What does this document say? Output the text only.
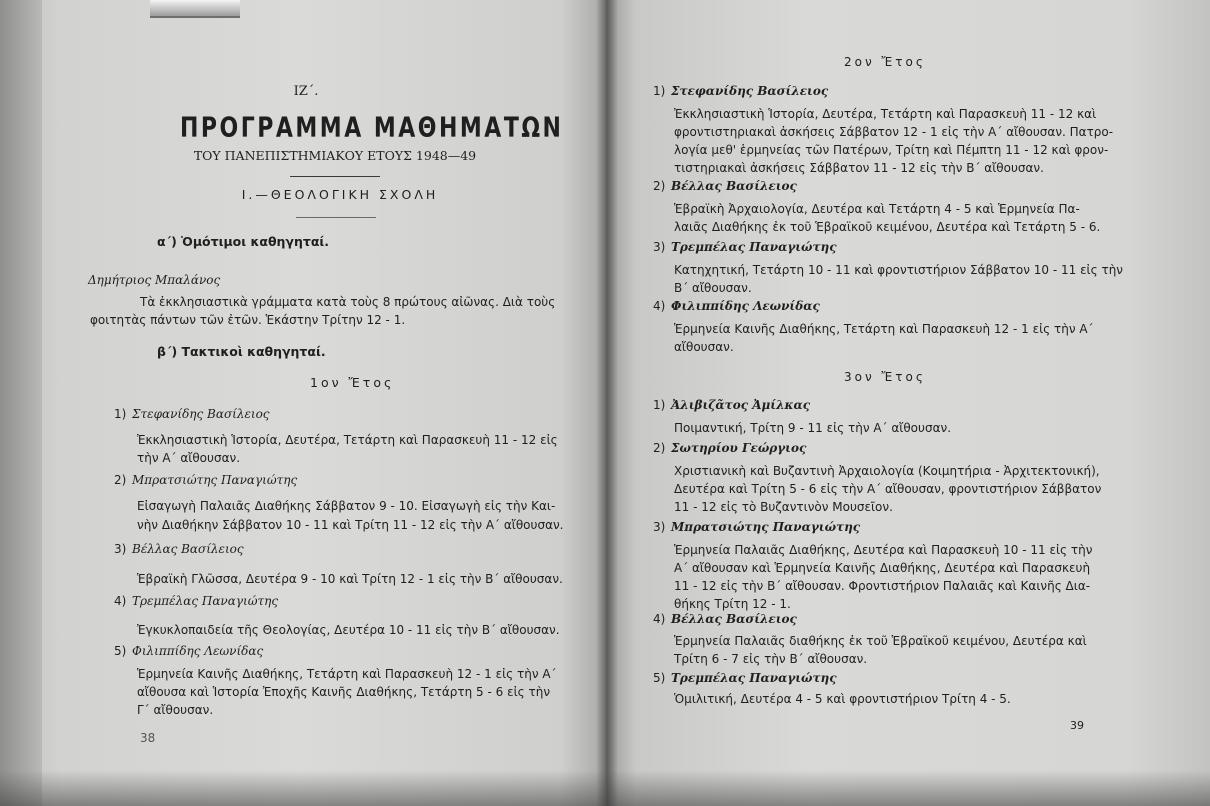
ΙΖ΄.
ΠΡΟΓΡΑΜΜΑ ΜΑΘΗΜΑΤΩΝ
ΤΟΥ ΠΑΝΕΠΙΣΤΗΜΙΑΚΟΥ ΕΤΟΥΣ 1948—49
Ι.—ΘΕΟΛΟΓΙΚΗ ΣΧΟΛΗ
α΄) Ὁμότιμοι καθηγηταί.
Δημήτριος Μπαλάνος
Τὰ ἐκκλησιαστικὰ γράμματα κατὰ τοὺς 8 πρώτους αἰῶνας. Διὰ τοὺς
φοιτητὰς πάντων τῶν ἐτῶν. Ἑκάστην Τρίτην 12 - 1.
β΄) Τακτικοὶ καθηγηταί.
1ον Ἔτος
1) Στεφανίδης Βασίλειος
Ἐκκλησιαστικὴ Ἱστορία, Δευτέρα, Τετάρτη καὶ Παρασκευὴ 11 - 12 εἰς
τὴν Α΄ αἴθουσαν.
2) Μπρατσιώτης Παναγιώτης
Εἰσαγωγὴ Παλαιᾶς Διαθήκης Σάββατον 9 - 10. Εἰσαγωγὴ εἰς τὴν Και-
νὴν Διαθήκην Σάββατον 10 - 11 καὶ Τρίτη 11 - 12 εἰς τὴν Α΄ αἴθουσαν.
3) Βέλλας Βασίλειος
Ἑβραϊκὴ Γλῶσσα, Δευτέρα 9 - 10 καὶ Τρίτη 12 - 1 εἰς τὴν Β΄ αἴθουσαν.
4) Τρεμπέλας Παναγιώτης
Ἐγκυκλοπαιδεία τῆς Θεολογίας, Δευτέρα 10 - 11 εἰς τὴν Β΄ αἴθουσαν.
5) Φιλιππίδης Λεωνίδας
Ἑρμηνεία Καινῆς Διαθήκης, Τετάρτη καὶ Παρασκευὴ 12 - 1 εἰς τὴν Α΄
αἴθουσα καὶ Ἱστορία Ἐποχῆς Καινῆς Διαθήκης, Τετάρτη 5 - 6 εἰς τὴν
Γ΄ αἴθουσαν.
38
2ον Ἔτος
1) Στεφανίδης Βασίλειος
Ἐκκλησιαστικὴ Ἱστορία, Δευτέρα, Τετάρτη καὶ Παρασκευὴ 11 - 12 καὶ
φροντιστηριακαὶ ἀσκήσεις Σάββατον 12 - 1 εἰς τὴν Α΄ αἴθουσαν. Πατρο-
λογία μεθ' ἑρμηνείας τῶν Πατέρων, Τρίτη καὶ Πέμπτη 11 - 12 καὶ φρον-
τιστηριακαὶ ἀσκήσεις Σάββατον 11 - 12 εἰς τὴν Β΄ αἴθουσαν.
2) Βέλλας Βασίλειος
Ἑβραϊκὴ Ἀρχαιολογία, Δευτέρα καὶ Τετάρτη 4 - 5 καὶ Ἑρμηνεία Πα-
λαιᾶς Διαθήκης ἐκ τοῦ Ἑβραϊκοῦ κειμένου, Δευτέρα καὶ Τετάρτη 5 - 6.
3) Τρεμπέλας Παναγιώτης
Κατηχητική, Τετάρτη 10 - 11 καὶ φροντιστήριον Σάββατον 10 - 11 εἰς τὴν
Β΄ αἴθουσαν.
4) Φιλιππίδης Λεωνίδας
Ἑρμηνεία Καινῆς Διαθήκης, Τετάρτη καὶ Παρασκευὴ 12 - 1 εἰς τὴν Α΄
αἴθουσαν.
3ον Ἔτος
1) Ἀλιβιζᾶτος Ἀμίλκας
Ποιμαντική, Τρίτη 9 - 11 εἰς τὴν Α΄ αἴθουσαν.
2) Σωτηρίου Γεώργιος
Χριστιανικὴ καὶ Βυζαντινὴ Ἀρχαιολογία (Κοιμητήρια - Ἀρχιτεκτονική),
Δευτέρα καὶ Τρίτη 5 - 6 εἰς τὴν Α΄ αἴθουσαν, φροντιστήριον Σάββατον
11 - 12 εἰς τὸ Βυζαντινὸν Μουσεῖον.
3) Μπρατσιώτης Παναγιώτης
Ἑρμηνεία Παλαιᾶς Διαθήκης, Δευτέρα καὶ Παρασκευὴ 10 - 11 εἰς τὴν
Α΄ αἴθουσαν καὶ Ἑρμηνεία Καινῆς Διαθήκης, Δευτέρα καὶ Παρασκευὴ
11 - 12 εἰς τὴν Β΄ αἴθουσαν. Φροντιστήριον Παλαιᾶς καὶ Καινῆς Δια-
θήκης Τρίτη 12 - 1.
4) Βέλλας Βασίλειος
Ἑρμηνεία Παλαιᾶς διαθήκης ἐκ τοῦ Ἑβραϊκοῦ κειμένου, Δευτέρα καὶ
Τρίτη 6 - 7 εἰς τὴν Β΄ αἴθουσαν.
5) Τρεμπέλας Παναγιώτης
Ὁμιλιτική, Δευτέρα 4 - 5 καὶ φροντιστήριον Τρίτη 4 - 5.
39
